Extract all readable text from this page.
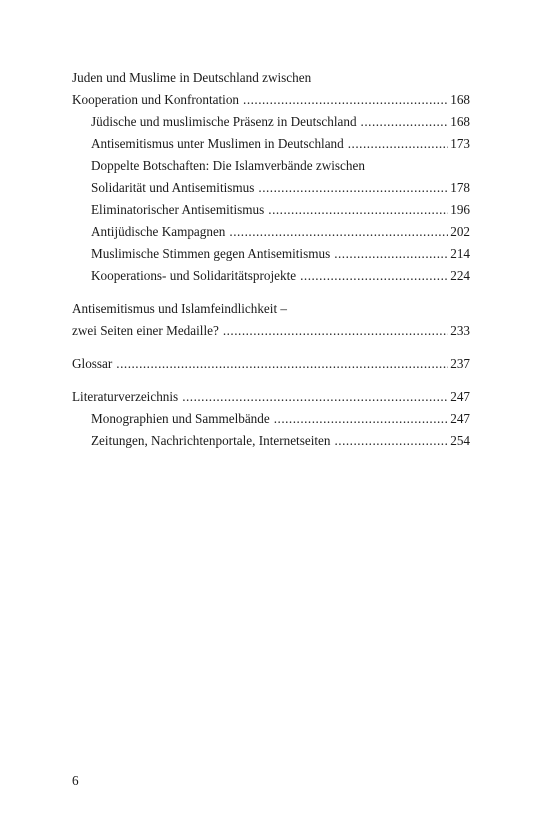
Juden und Muslime in Deutschland zwischen
Kooperation und Konfrontation .....	168
Jüdische und muslimische Präsenz in Deutschland .....	168
Antisemitismus unter Muslimen in Deutschland .....	173
Doppelte Botschaften: Die Islamverbände zwischen
Solidarität und Antisemitismus .....	178
Eliminatorischer Antisemitismus .....	196
Antijüdische Kampagnen .....	202
Muslimische Stimmen gegen Antisemitismus .....	214
Kooperations- und Solidaritätsprojekte .....	224
Antisemitismus und Islamfeindlichkeit –
zwei Seiten einer Medaille? .....	233
Glossar .....	237
Literaturverzeichnis .....	247
Monographien und Sammelbände .....	247
Zeitungen, Nachrichtenportale, Internetseiten .....	254
6
